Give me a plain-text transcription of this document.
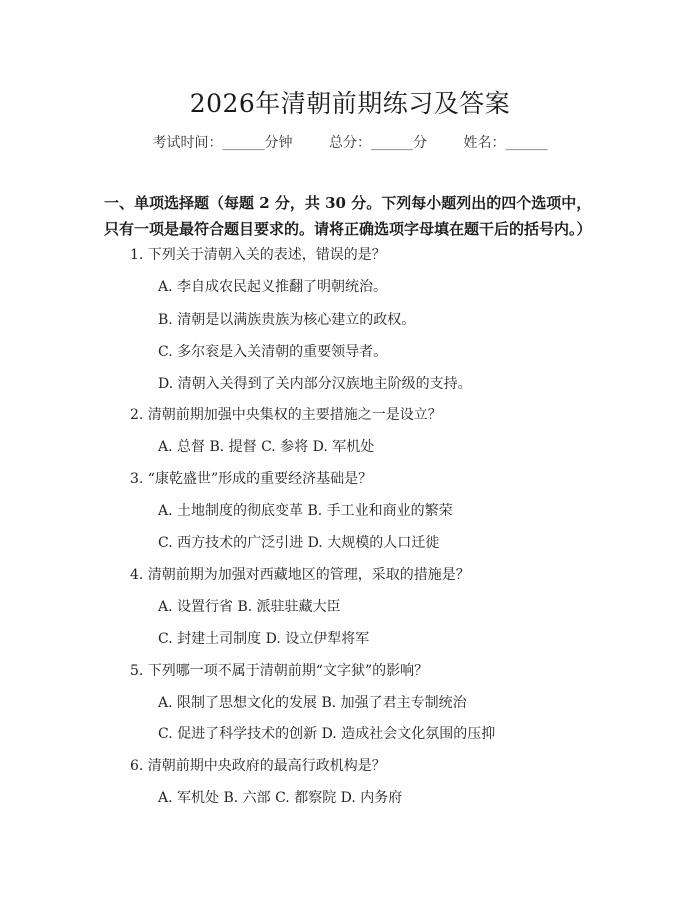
2026年清朝前期练习及答案
考试时间：______分钟	总分：______分	姓名：______
一、单项选择题（每题 2 分，共 30 分。下列每小题列出的四个选项中，只有一项是最符合题目要求的。请将正确选项字母填在题干后的括号内。）
1. 下列关于清朝入关的表述，错误的是？
A. 李自成农民起义推翻了明朝统治。
B. 清朝是以满族贵族为核心建立的政权。
C. 多尔衮是入关清朝的重要领导者。
D. 清朝入关得到了关内部分汉族地主阶级的支持。
2. 清朝前期加强中央集权的主要措施之一是设立？
A. 总督 B. 提督 C. 参将 D. 军机处
3. “康乾盛世”形成的重要经济基础是？
A. 土地制度的彻底变革 B. 手工业和商业的繁荣
C. 西方技术的广泛引进 D. 大规模的人口迁徙
4. 清朝前期为加强对西藏地区的管理，采取的措施是？
A. 设置行省 B. 派驻驻藏大臣
C. 封建土司制度 D. 设立伊犁将军
5. 下列哪一项不属于清朝前期“文字狱”的影响？
A. 限制了思想文化的发展 B. 加强了君主专制统治
C. 促进了科学技术的创新 D. 造成社会文化氛围的压抑
6. 清朝前期中央政府的最高行政机构是？
A. 军机处 B. 六部 C. 都察院 D. 内务府
